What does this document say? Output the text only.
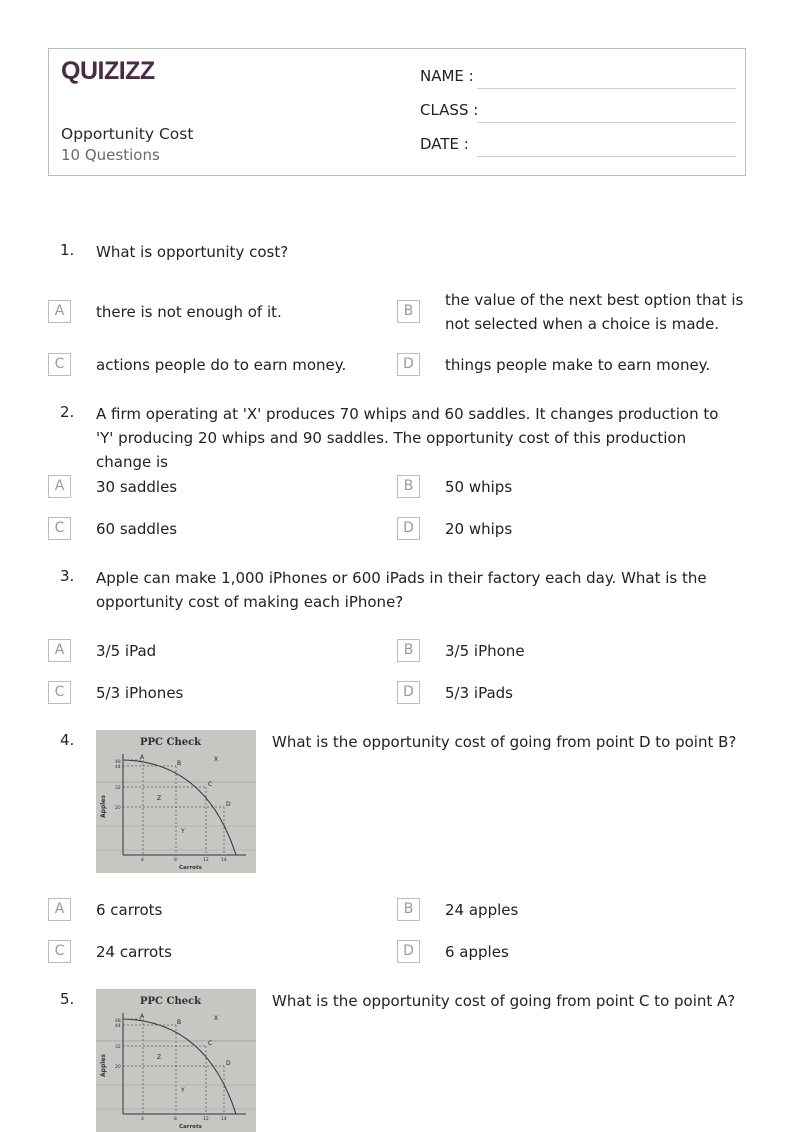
QUIZIZZ
Opportunity Cost
10 Questions
NAME :
CLASS :
DATE :
1. What is opportunity cost?
A	there is not enough of it.	B
the value of the next best option that is not selected when a choice is made.
C	actions people do to earn money.	D	things people make to earn money.
2. A firm operating at 'X' produces 70 whips and 60 saddles. It changes production to 'Y' producing 20 whips and 90 saddles. The opportunity cost of this production change is
A	30 saddles	B	50 whips
C	60 saddles	D	20 whips
3. Apple can make 1,000 iPhones or 600 iPads in their factory each day. What is the opportunity cost of making each iPhone?
A	3/5 iPad	B	3/5 iPhone
C	5/3 iPhones	D	5/3 iPads
4.	PPC Check
48
44
32
20
4	8	12	14
A
B
C
D
X
Z
Y
Apples
Carrots
What is the opportunity cost of going from point D to point B?
A	6 carrots	B	24 apples
C	24 carrots	D	6 apples
5.	PPC Check
48
44
32
20
4	8	12	14
A
B
C
D
X
Z
Y
Apples
Carrots
What is the opportunity cost of going from point C to point A?
